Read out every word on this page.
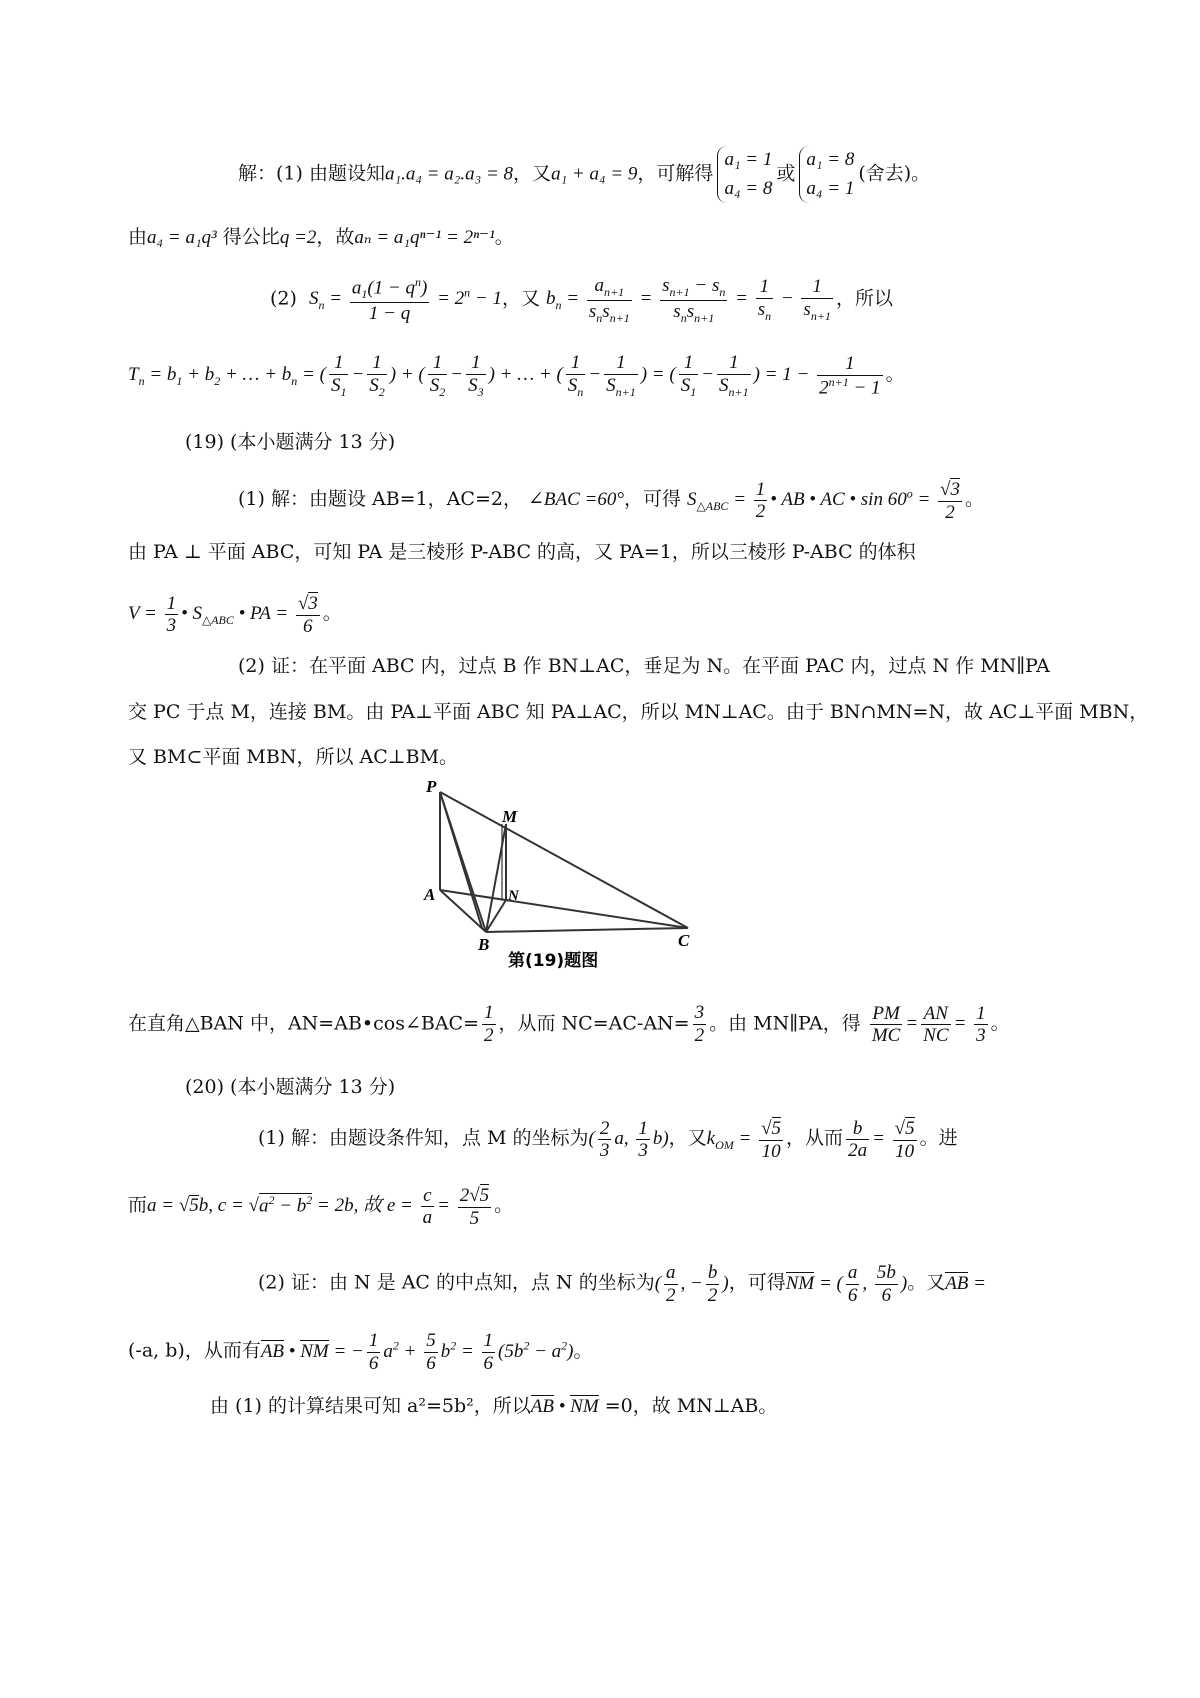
解：(1) 由题设知a₁.a₄ = a₂.a₃ = 8，又a₁ + a₄ = 9，可解得a₁ = 1
a₄ = 8或a₁ = 8
a₄ = 1(舍去)。
由a₄ = a₁q³ 得公比q =2，故aₙ = a₁qⁿ⁻¹ = 2ⁿ⁻¹。
(2) $S_n = \frac{a_1(1 - q^n)}{1 - q} = 2^n - 1$，又 $b_n$ =
$a_{n+1}$
$s_ns_{n+1}$
=
$s_{n+1} - s_n$
$s_ns_{n+1}$
= $\frac{1}{s_n} - \frac{1}{s_{n+1}}$ ，所以
$T_n = b_1 + b_2$ + … + $b_n$ = ( $\frac{1}{S_1} - \frac{1}{S_2}$ ) + ( $\frac{1}{S_2} - \frac{1}{S_3}$ ) + … + ( $\frac{1}{S_n} - \frac{1}{S_{n+1}}$ ) = ( $\frac{1}{S_1} - \frac{1}{S_{n+1}}$ ) = $1 - \frac{1}{2^{n+1} - 1}$ 。
(19) (本小题满分 13 分)
(1) 解：由题设 AB=1，AC=2， ∠BAC =60°，可得 $S_{\triangle ABC} = \frac{1}{2}$ • AB • AC • $\sin 60^o = \frac{√3}{2}$ 。
由 PA ⊥ 平面 ABC，可知 PA 是三棱形 P-ABC 的高，又 PA=1，所以三棱形 P-ABC 的体积
$V = \frac{1}{3}$ • $S_{\triangle ABC}$ • PA = $\frac{√3}{6}$ 。
(2) 证：在平面 ABC 内，过点 B 作 BN⊥AC，垂足为 N。在平面 PAC 内，过点 N 作 MN∥PA
交 PC 于点 M，连接 BM。由 PA⊥平面 ABC 知 PA⊥AC，所以 MN⊥AC。由于 BN∩MN=N，故 AC⊥平面 MBN，
又 BM⊂平面 MBN，所以 AC⊥BM。
P
M
N
A
B	C
第(19)题图
在直角△BAN 中，AN=AB•cos∠BAC= $\frac{1}{2}$ ，从而 $NC=AC-AN= \frac{3}{2}$ 。由 MN∥PA，得 $\frac{PM}{MC} = \frac{AN}{NC} = \frac{1}{3}$ 。
(20) (本小题满分 13 分)
(1) 解：由题设条件知，点 M 的坐标为( $\frac{2}{3} a$, $\frac{1}{3} b$)，又$k_{OM} = \frac{√5}{10}$ ，从而 $\frac{b}{2a} = \frac{√5}{10}$ 。进
而a = √5b, $c = √a^2 - b^2 = 2b$, 故 $e = \frac{c}{a} = \frac{2√5}{5}$ 。
(2) 证：由 N 是 AC 的中点知，点 N 的坐标为( $\frac{a}{2}$ , − $\frac{b}{2}$ )，可得NM = ( $\frac{a}{6}$ , $\frac{5b}{6}$ )。又AB =
(-a, b)，从而有AB • NM = − $\frac{1}{6} a^2 + \frac{5}{6} b^2 = \frac{1}{6} (5b^2 - a^2)$。
由 (1) 的计算结果可知 a²=5b²，所以AB • NM =0，故 MN⊥AB。
